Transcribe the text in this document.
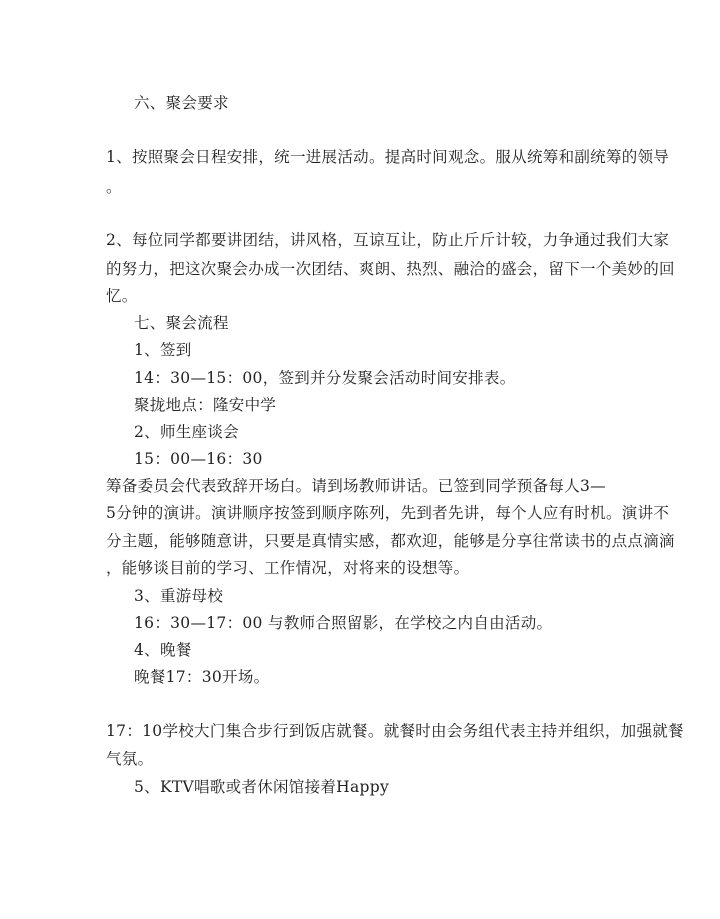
六、聚会要求
1、按照聚会日程安排，统一进展活动。提高时间观念。服从统筹和副统筹的领导
。
2、每位同学都要讲团结，讲风格，互谅互让，防止斤斤计较，力争通过我们大家
的努力，把这次聚会办成一次团结、爽朗、热烈、融洽的盛会，留下一个美妙的回
忆。
七、聚会流程
1、签到
14：30—15：00，签到并分发聚会活动时间安排表。
聚拢地点：隆安中学
2、师生座谈会
15：00—16：30
筹备委员会代表致辞开场白。请到场教师讲话。已签到同学预备每人3—
5分钟的演讲。演讲顺序按签到顺序陈列，先到者先讲，每个人应有时机。演讲不
分主题，能够随意讲，只要是真情实感，都欢迎，能够是分享往常读书的点点滴滴
，能够谈目前的学习、工作情况，对将来的设想等。
3、重游母校
16：30—17：00 与教师合照留影，在学校之内自由活动。
4、晚餐
晚餐17：30开场。
17：10学校大门集合步行到饭店就餐。就餐时由会务组代表主持并组织，加强就餐
气氛。
5、KTV唱歌或者休闲馆接着Happy
